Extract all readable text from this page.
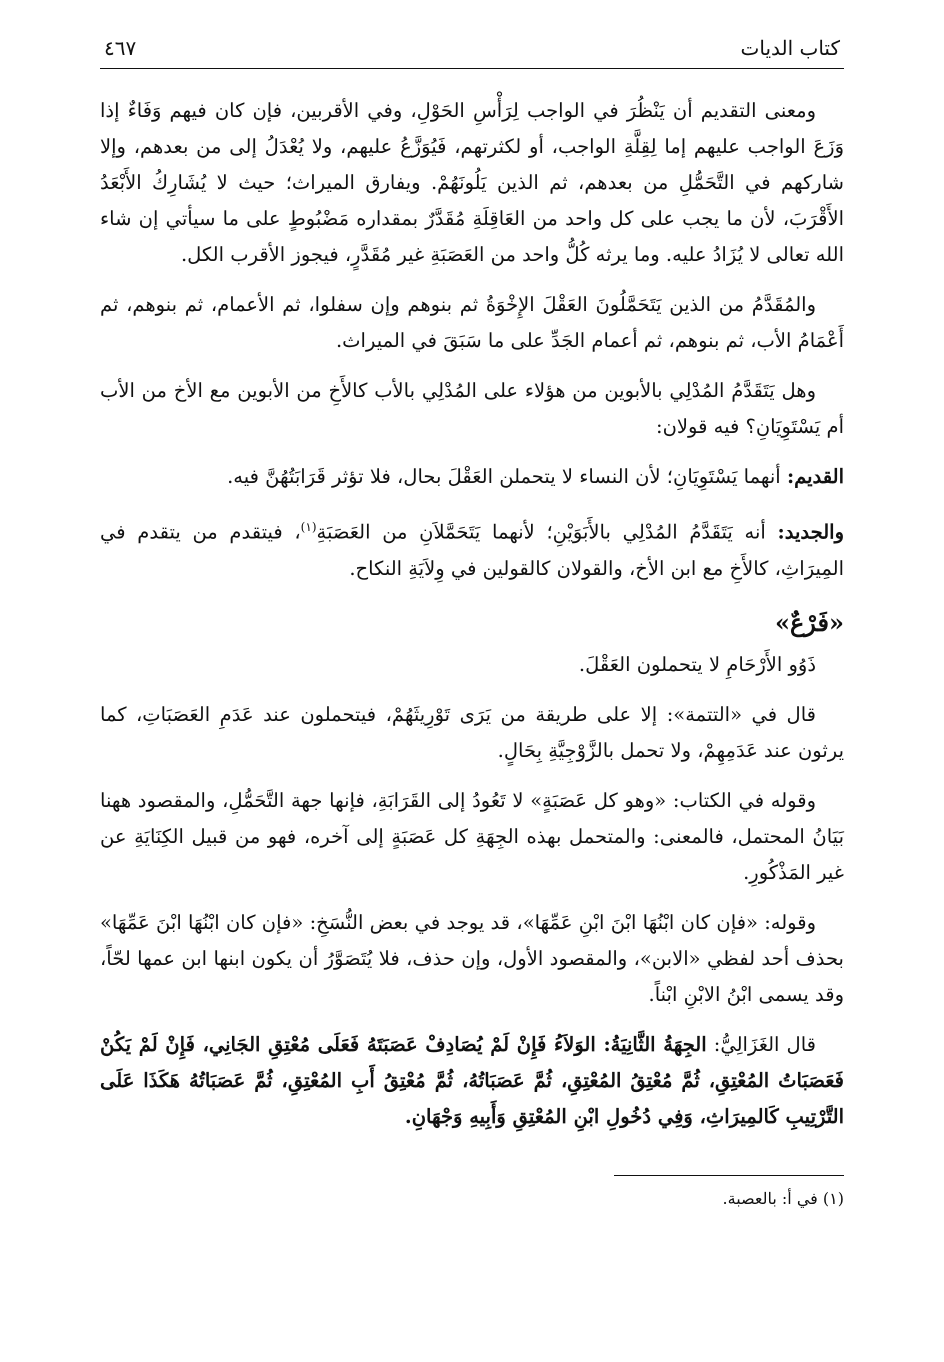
كتاب الديات
٤٦٧

ومعنى التقديم أن يَنْظُرَ في الواجب لِرَأْسِ الحَوْلِ، وفي الأقربين، فإن كان فيهم وَفَاءٌ إذا وَزَعَ الواجب عليهم إما لِقِلَّةِ الواجب، أو لكثرتهم، فَيُوَزَّعُ عليهم، ولا يُعْدَلُ إلى من بعدهم، وإلا شاركهم في التَّحَمُّلِ من بعدهم، ثم الذين يَلُونَهُمْ. ويفارق الميراث؛ حيث لا يُشَارِكُ الأَبْعَدُ الأَقْرَبَ، لأن ما يجب على كل واحد من العَاقِلَةِ مُقَدَّرٌ بمقداره مَضْبُوطٍ على ما سيأتي إن شاء الله تعالى لا يُزَادُ عليه. وما يرثه كُلُّ واحد من العَصَبَةِ غير مُقَدَّرٍ، فيجوز الأقرب الكل.

والمُقَدَّمُ من الذين يَتَحَمَّلُونَ العَقْلَ الإِخْوَةُ ثم بنوهم وإن سفلوا، ثم الأعمام، ثم بنوهم، ثم أَعْمَامُ الأب، ثم بنوهم، ثم أعمام الجَدِّ على ما سَبَقَ في الميراث.

وهل يَتَقَدَّمُ المُدْلِي بالأبوين من هؤلاء على المُدْلِي بالأب كالأَخِ من الأبوين مع الأخ من الأب أم يَسْتَوِيَانِ؟ فيه قولان:

القديم: أنهما يَسْتَوِيَانِ؛ لأن النساء لا يتحملن العَقْلَ بحال، فلا تؤثر قَرَابَتُهُنَّ فيه.

والجديد: أنه يَتَقَدَّمُ المُدْلِي بالأَبَوَيْنِ؛ لأنهما يَتَحَمَّلاَنِ من العَصَبَةِ$^{(١)}$، فيتقدم من يتقدم في المِيرَاثِ، كالأَخِ مع ابن الأخ، والقولان كالقولين في وِلاَيَةِ النكاح.

«فَرْعٌ»

ذَوُو الأَرْحَامِ لا يتحملون العَقْلَ.

قال في «التتمة»: إلا على طريقة من يَرَى تَوْرِيثَهُمْ، فيتحملون عند عَدَمِ العَصَبَاتِ، كما يرثون عند عَدَمِهِمْ، ولا تحمل بالزَّوْجِيَّةِ بِحَالٍ.

وقوله في الكتاب: «وهو كل عَصَبَةٍ» لا تَعُودُ إلى القَرَابَةِ، فإنها جهة التَّحَمُّلِ، والمقصود ههنا بَيَانُ المحتمل، فالمعنى: والمتحمل بهذه الجِهَةِ كل عَصَبَةٍ إلى آخره، فهو من قبيل الكِنَايَةِ عن غير المَذْكُورِ.

وقوله: «فإن كان ابْنُهَا ابْنَ ابْنِ عَمِّهَا»، قد يوجد في بعض النُّسَخِ: «فإن كان ابْنُهَا ابْنَ عَمِّهَا» بحذف أحد لفظي «الابن»، والمقصود الأول، وإن حذف، فلا يُتَصَوَّرُ أن يكون ابنها ابن عمها لحّاً، وقد يسمى ابْنُ الابْنِ ابْناً.

قال الغَزَالِيُّ: الجِهَةُ الثَّانِيَةُ: الوَلاَءُ فَإِنْ لَمْ يُصَادِفْ عَصَبَتَهُ فَعَلَى مُعْتِقِ الجَانِي، فَإِنْ لَمْ يَكُنْ فَعَصَبَاتُ المُعْتِقِ، ثُمَّ مُعْتِقُ المُعْتِقِ، ثُمَّ عَصَبَاتُهُ، ثُمَّ مُعْتِقُ أَبِ المُعْتِقِ، ثُمَّ عَصَبَاتُهُ هَكَذَا عَلَى التَّرْتِيبِ كَالمِيرَاثِ، وَفِي دُخُولِ ابْنِ المُعْتِقِ وَأَبِيهِ وَجْهَانِ.

(١) في أ: بالعصبة.
